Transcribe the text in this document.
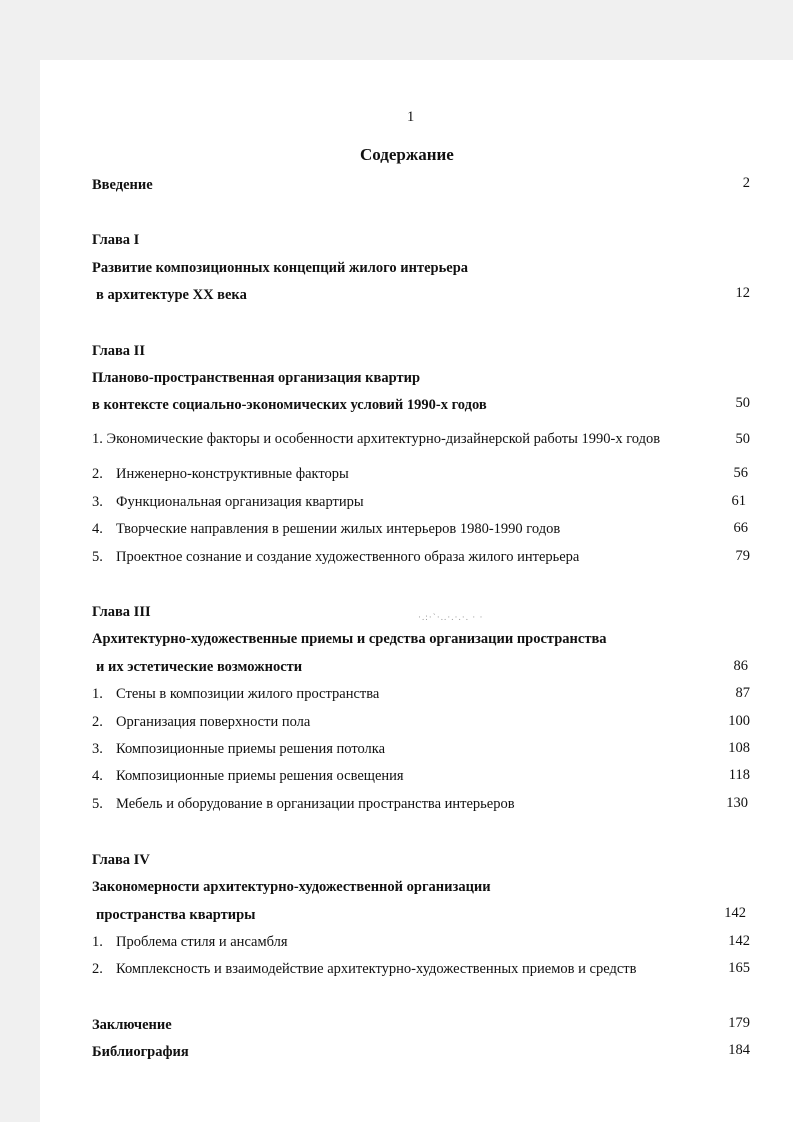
1
Содержание
Введение	2
Глава I
Развитие композиционных концепций жилого интерьера
в архитектуре XX века	12
Глава II
Планово-пространственная организация квартир
в контексте социально-экономических условий 1990-х годов	50
1. Экономические факторы и особенности архитектурно-дизайнерской работы 1990-х годов	50
2. Инженерно-конструктивные факторы	56
3. Функциональная организация квартиры	61
4. Творческие направления в решении жилых интерьеров 1980-1990 годов	66
5. Проектное сознание и создание художественного образа жилого интерьера	79
Глава III	·.:·`·..·.·.·. · ·
Архитектурно-художественные приемы и средства организации пространства
и их эстетические возможности	86
1. Стены в композиции жилого пространства	87
2. Организация поверхности пола	100
3. Композиционные приемы решения потолка	108
4. Композиционные приемы решения освещения	118
5. Мебель и оборудование в организации пространства интерьеров	130
Глава IV
Закономерности архитектурно-художественной организации
пространства квартиры	142
1. Проблема стиля и ансамбля	142
2. Комплексность и взаимодействие архитектурно-художественных приемов и средств	165
Заключение	179
Библиография	184
